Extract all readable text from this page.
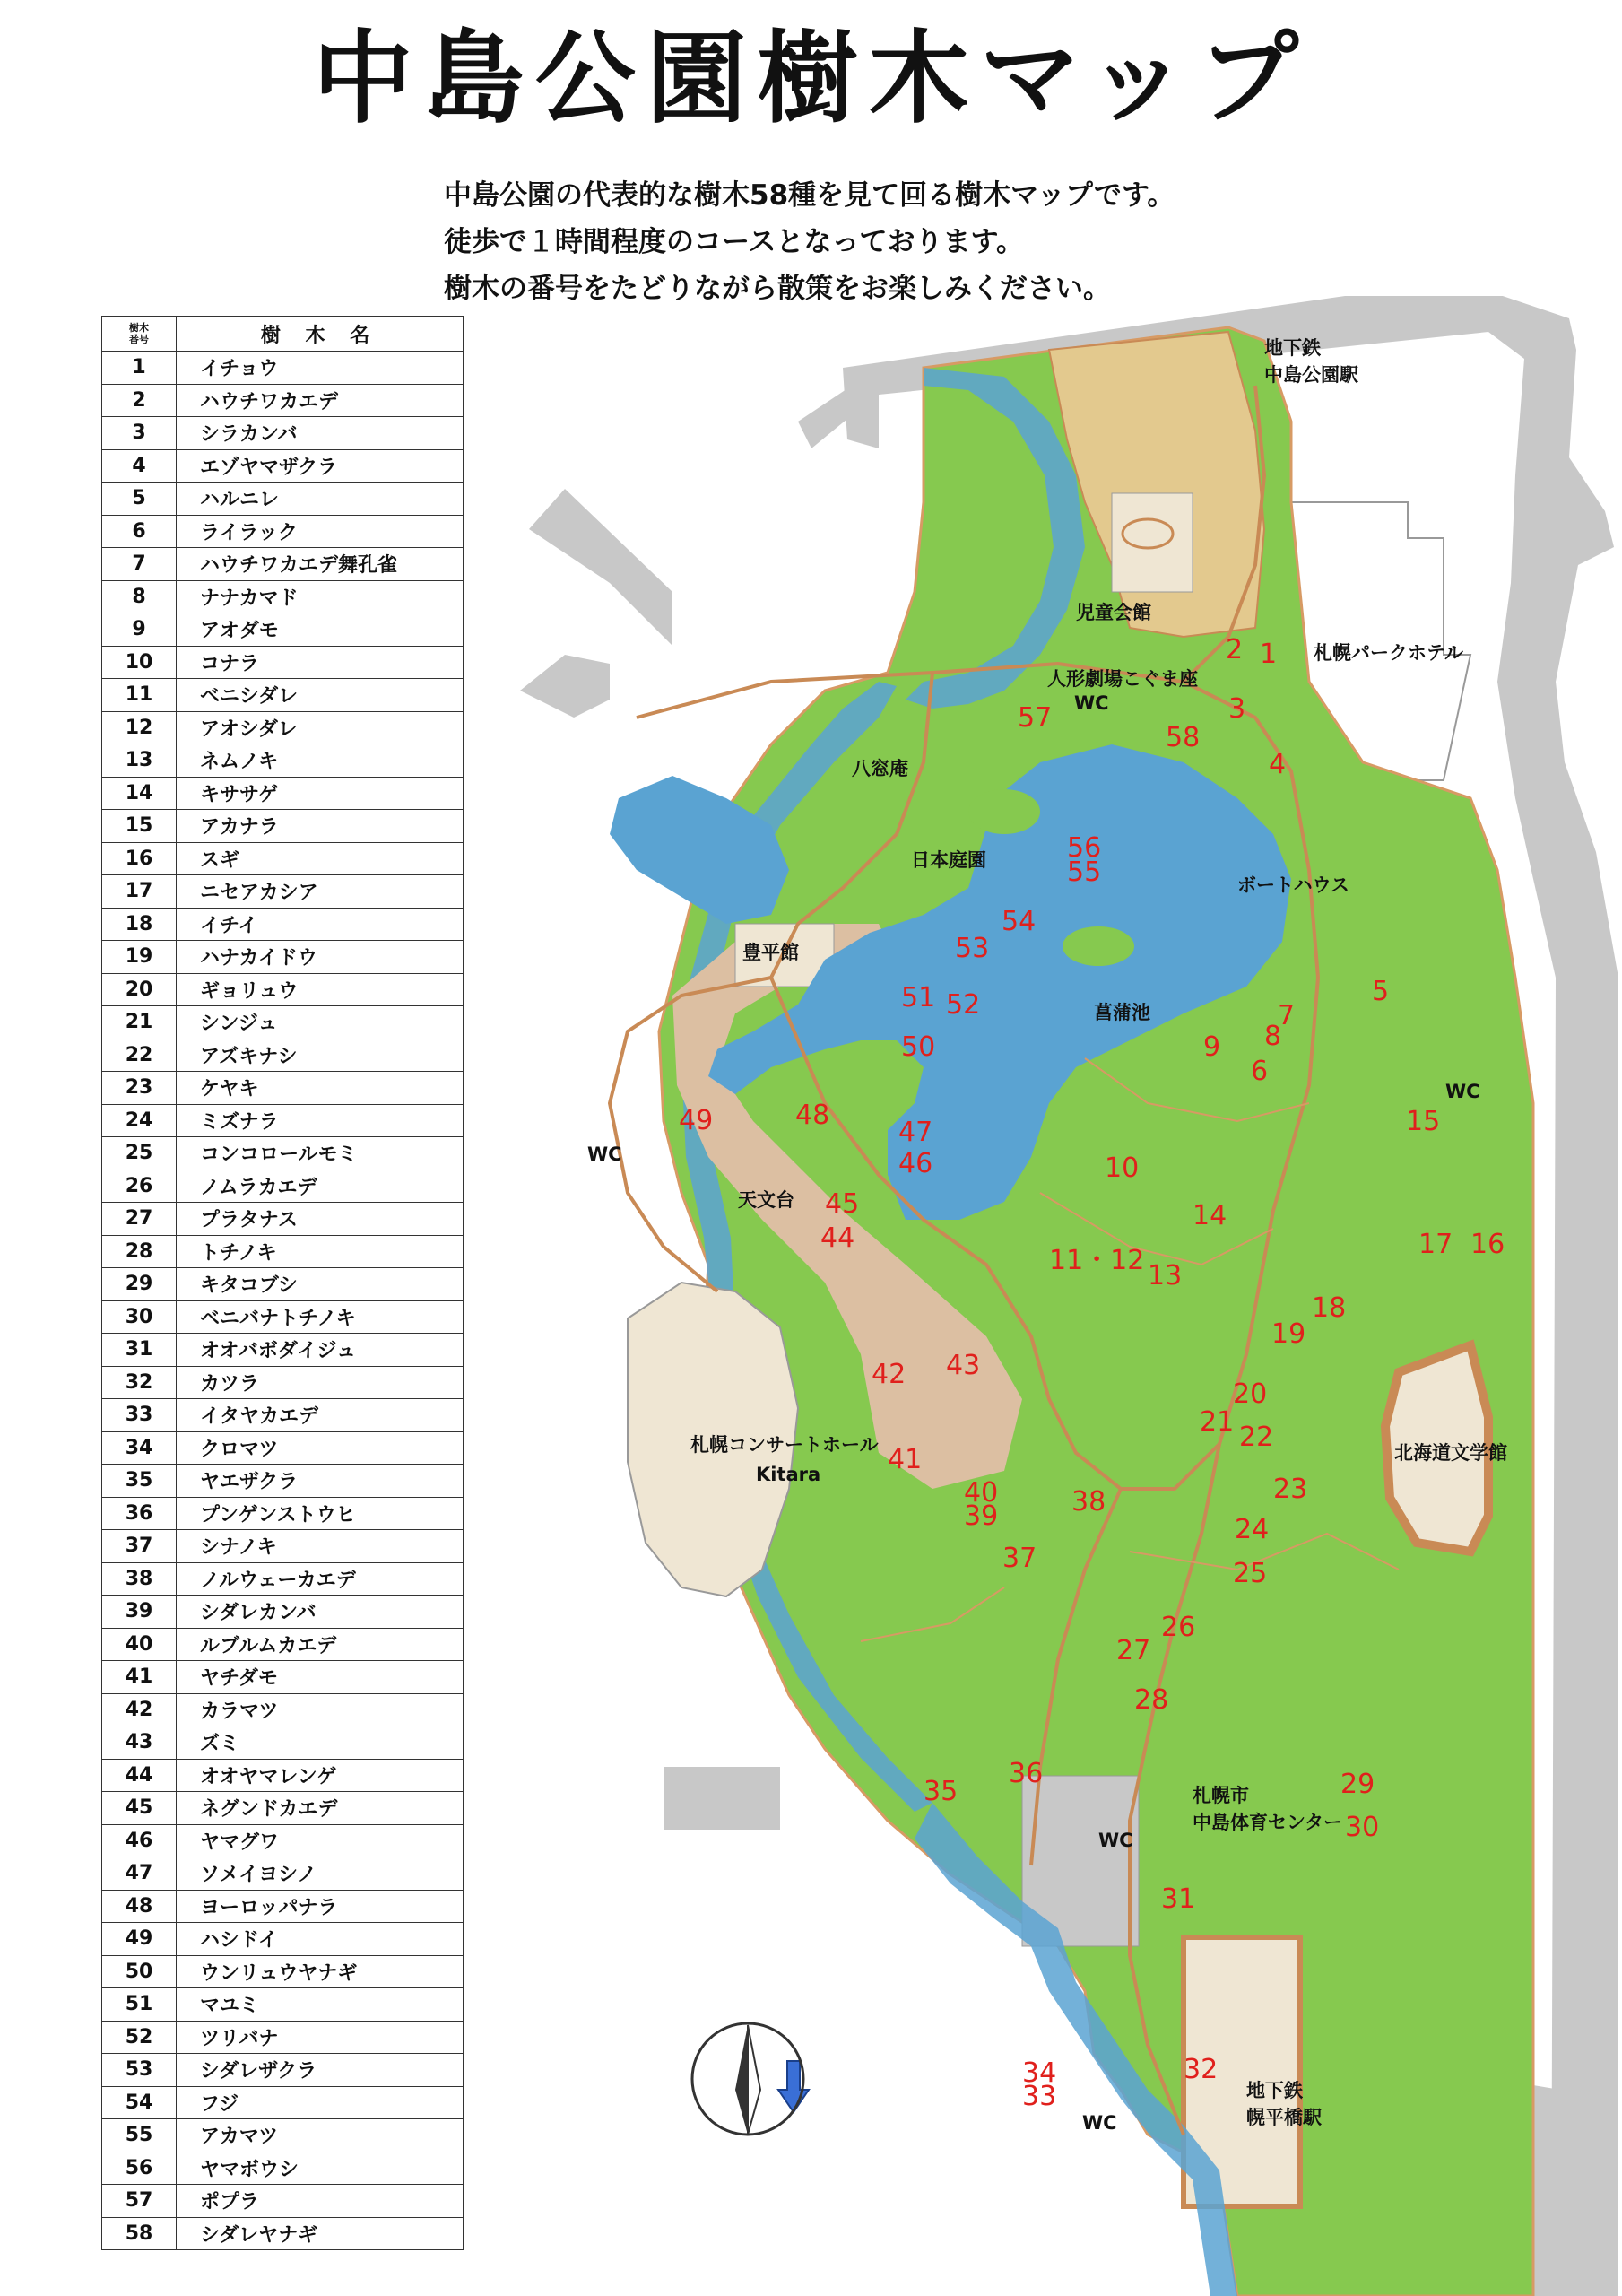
中島公園樹木マップ
中島公園の代表的な樹木58種を見て回る樹木マップです。
徒歩で１時間程度のコースとなっております。
樹木の番号をたどりながら散策をお楽しみください。
樹木
番号	樹 木 名
1	イチョウ
2	ハウチワカエデ
3	シラカンバ
4	エゾヤマザクラ
5	ハルニレ
6	ライラック
7	ハウチワカエデ舞孔雀
8	ナナカマド
9	アオダモ
10	コナラ
11	ベニシダレ
12	アオシダレ
13	ネムノキ
14	キササゲ
15	アカナラ
16	スギ
17	ニセアカシア
18	イチイ
19	ハナカイドウ
20	ギョリュウ
21	シンジュ
22	アズキナシ
23	ケヤキ
24	ミズナラ
25	コンコロールモミ
26	ノムラカエデ
27	プラタナス
28	トチノキ
29	キタコブシ
30	ベニバナトチノキ
31	オオバボダイジュ
32	カツラ
33	イタヤカエデ
34	クロマツ
35	ヤエザクラ
36	プンゲンストウヒ
37	シナノキ
38	ノルウェーカエデ
39	シダレカンバ
40	ルブルムカエデ
41	ヤチダモ
42	カラマツ
43	ズミ
44	オオヤマレンゲ
45	ネグンドカエデ
46	ヤマグワ
47	ソメイヨシノ
48	ヨーロッパナラ
49	ハシドイ
50	ウンリュウヤナギ
51	マユミ
52	ツリバナ
53	シダレザクラ
54	フジ
55	アカマツ
56	ヤマボウシ
57	ポプラ
58	シダレヤナギ
地下鉄
中島公園駅
児童会館
人形劇場こぐま座
WC
札幌パークホテル
八窓庵
日本庭園
ボートハウス
豊平館
菖蒲池
WC
WC
天文台
札幌コンサートホール
Kitara
北海道文学館
札幌市
中島体育センター
WC
地下鉄
幌平橋駅
WC
1
2
3
4
5
6
7
8
9
10
11・12 13
14
15
16
17
18
19
20
21 22
23
24
25
26
27
28
29
30
31
32
33
34
35
36
37
38
39
40
41
42 43
44
45
46
47
48
49
50
51 52
53
54
55
56
57
58
